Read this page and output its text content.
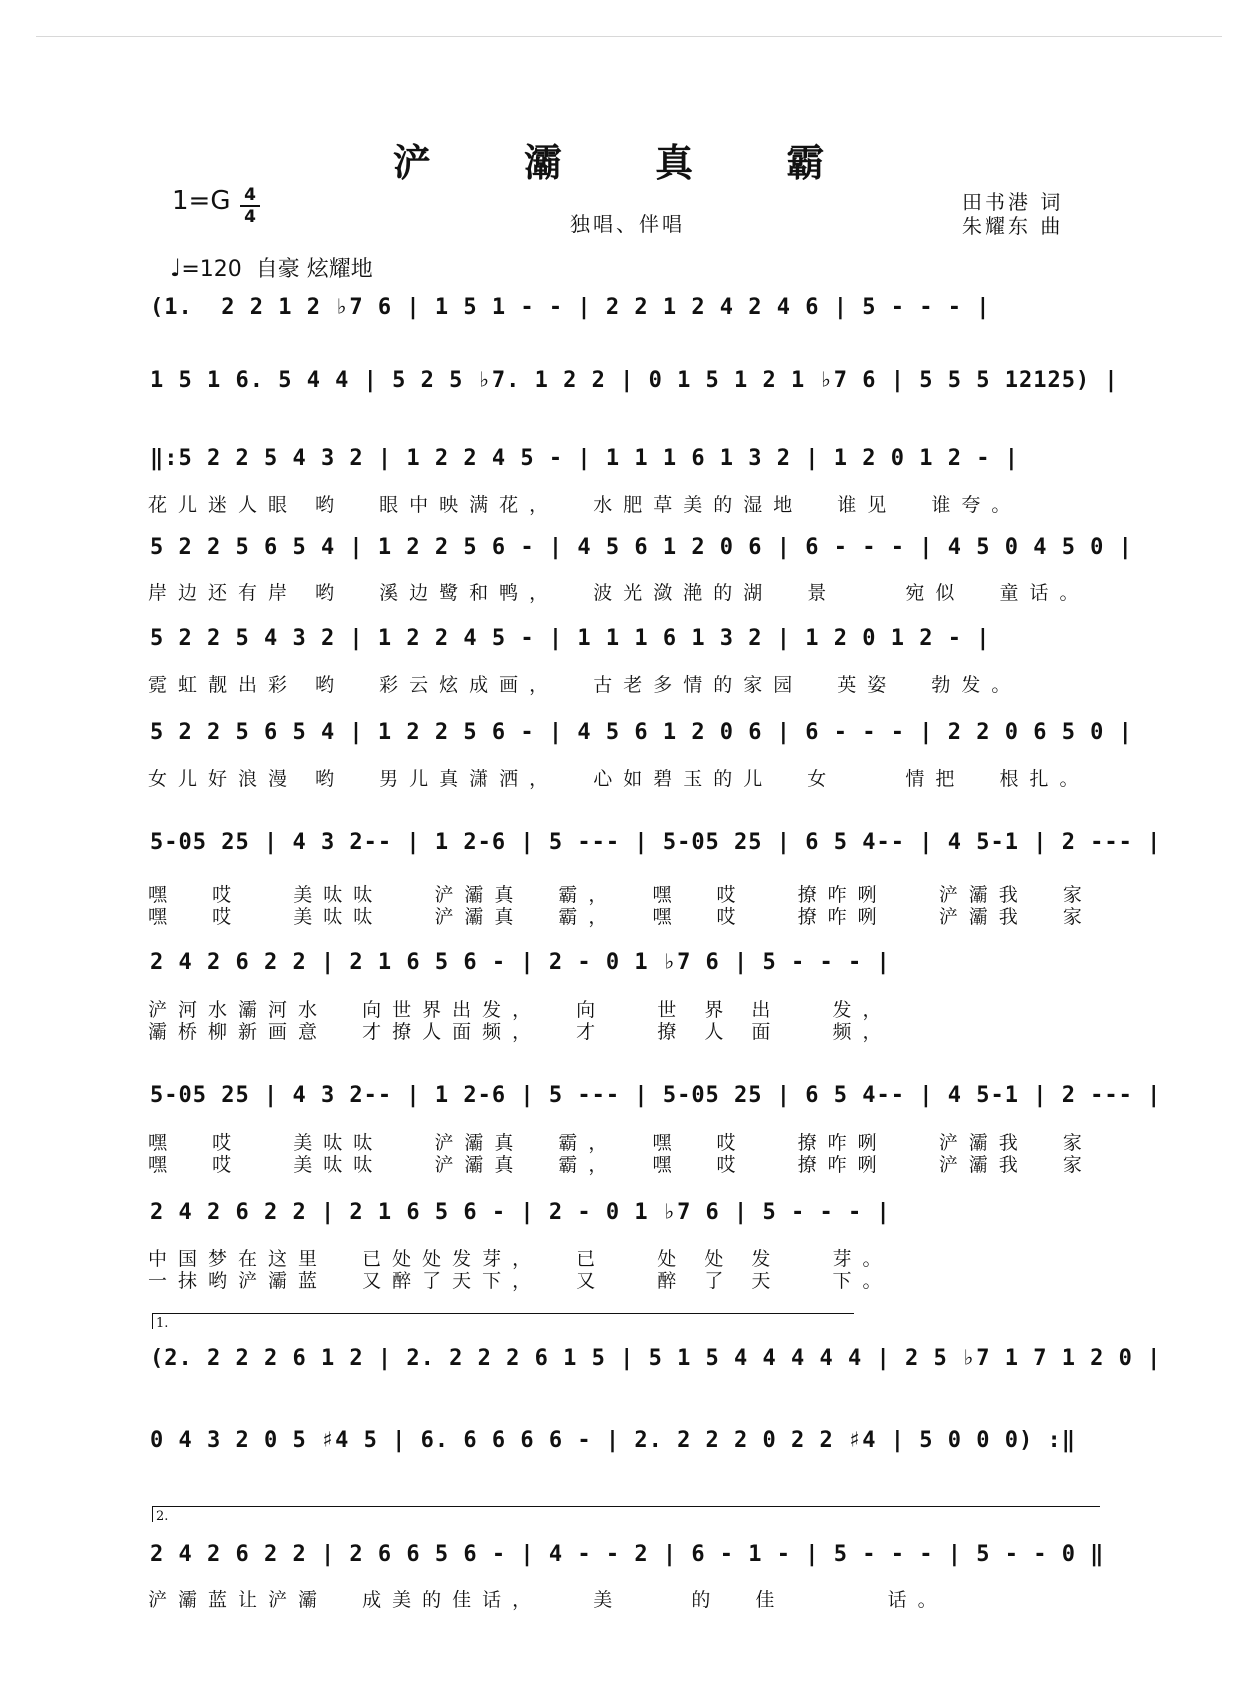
浐 灞 真 霸
1=G 4
4	独唱、伴唱
田书港 词
朱耀东 曲
♩=120 自豪 炫耀地
(1.  2 2 1 2 ♭7 6 | 1 5 1 - - | 2 2 1 2 4 2 4 6 | 5 - - - |
1 5 1 6. 5 4 4 | 5 2 5 ♭7. 1 2 2 | 0 1 5 1 2 1 ♭7 6 | 5 5 5 12125) |
‖:5 2 2 5 4 3 2 | 1 2 2 4 5 - | 1 1 1 6 1 3 2 | 1 2 0 1 2 - |
花儿迷人眼 哟  眼中映满花，  水肥草美的湿地  谁见  谁夸。
5 2 2 5 6 5 4 | 1 2 2 5 6 - | 4 5 6 1 2 0 6 | 6 - - - | 4 5 0 4 5 0 |
岸边还有岸 哟  溪边鹭和鸭，  波光潋滟的湖  景    宛似  童话。
5 2 2 5 4 3 2 | 1 2 2 4 5 - | 1 1 1 6 1 3 2 | 1 2 0 1 2 - |
霓虹靓出彩 哟  彩云炫成画，  古老多情的家园  英姿  勃发。
5 2 2 5 6 5 4 | 1 2 2 5 6 - | 4 5 6 1 2 0 6 | 6 - - - | 2 2 0 6 5 0 |
女儿好浪漫 哟  男儿真潇洒，  心如碧玉的儿  女    情把  根扎。
5-05 25 | 4 3 2-- | 1 2-6 | 5 --- | 5-05 25 | 6 5 4-- | 4 5-1 | 2 --- |
嘿  哎   美呔呔   浐灞真  霸，  嘿  哎   撩咋咧   浐灞我  家
嘿  哎   美呔呔   浐灞真  霸，  嘿  哎   撩咋咧   浐灞我  家
2 4 2 6 2 2 | 2 1 6 5 6 - | 2 - 0 1 ♭7 6 | 5 - - - |
浐河水灞河水  向世界出发，  向   世 界 出   发，
灞桥柳新画意  才撩人面频，  才   撩 人 面   频，
5-05 25 | 4 3 2-- | 1 2-6 | 5 --- | 5-05 25 | 6 5 4-- | 4 5-1 | 2 --- |
嘿  哎   美呔呔   浐灞真  霸，  嘿  哎   撩咋咧   浐灞我  家
嘿  哎   美呔呔   浐灞真  霸，  嘿  哎   撩咋咧   浐灞我  家
2 4 2 6 2 2 | 2 1 6 5 6 - | 2 - 0 1 ♭7 6 | 5 - - - |
中国梦在这里  已处处发芽，  已   处 处 发   芽。
一抹哟浐灞蓝  又醉了天下，  又   醉 了 天   下。
1.
(2. 2 2 2 6 1 2 | 2. 2 2 2 6 1 5 | 5 1 5 4 4 4 4 4 | 2 5 ♭7 1 7 1 2 0 |
0 4 3 2 0 5 ♯4 5 | 6. 6 6 6 6 - | 2. 2 2 2 0 2 2 ♯4 | 5 0 0 0) :‖
2.
2 4 2 6 2 2 | 2 6 6 5 6 - | 4 - - 2 | 6 - 1 - | 5 - - - | 5 - - 0 ‖
浐灞蓝让浐灞  成美的佳话，   美    的  佳      话。
